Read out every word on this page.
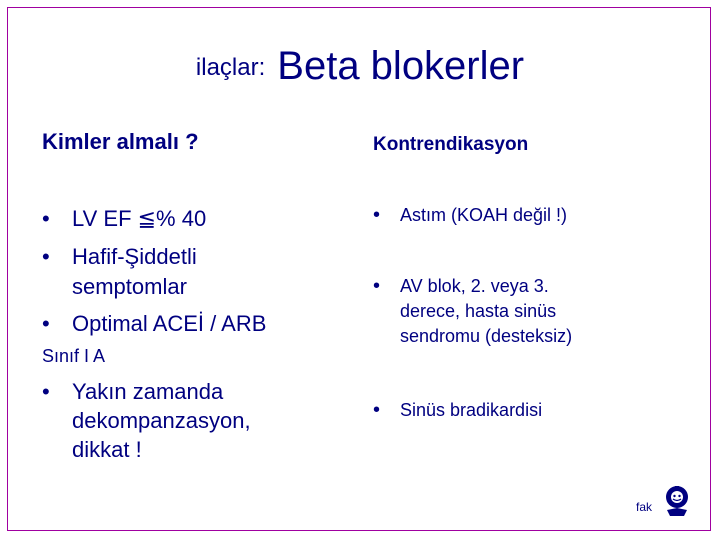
ilaçlar: Beta blokerler
Kimler almalı ?
• LV EF ≦% 40
• Hafif-Şiddetli
semptomlar
• Optimal ACEİ / ARB
Sınıf I A
• Yakın zamanda
dekompanzasyon,
dikkat !
Kontrendikasyon
• Astım (KOAH değil !)
• AV blok, 2. veya 3.
derece, hasta sinüs
sendromu (desteksiz)
• Sinüs bradikardisi
fak
